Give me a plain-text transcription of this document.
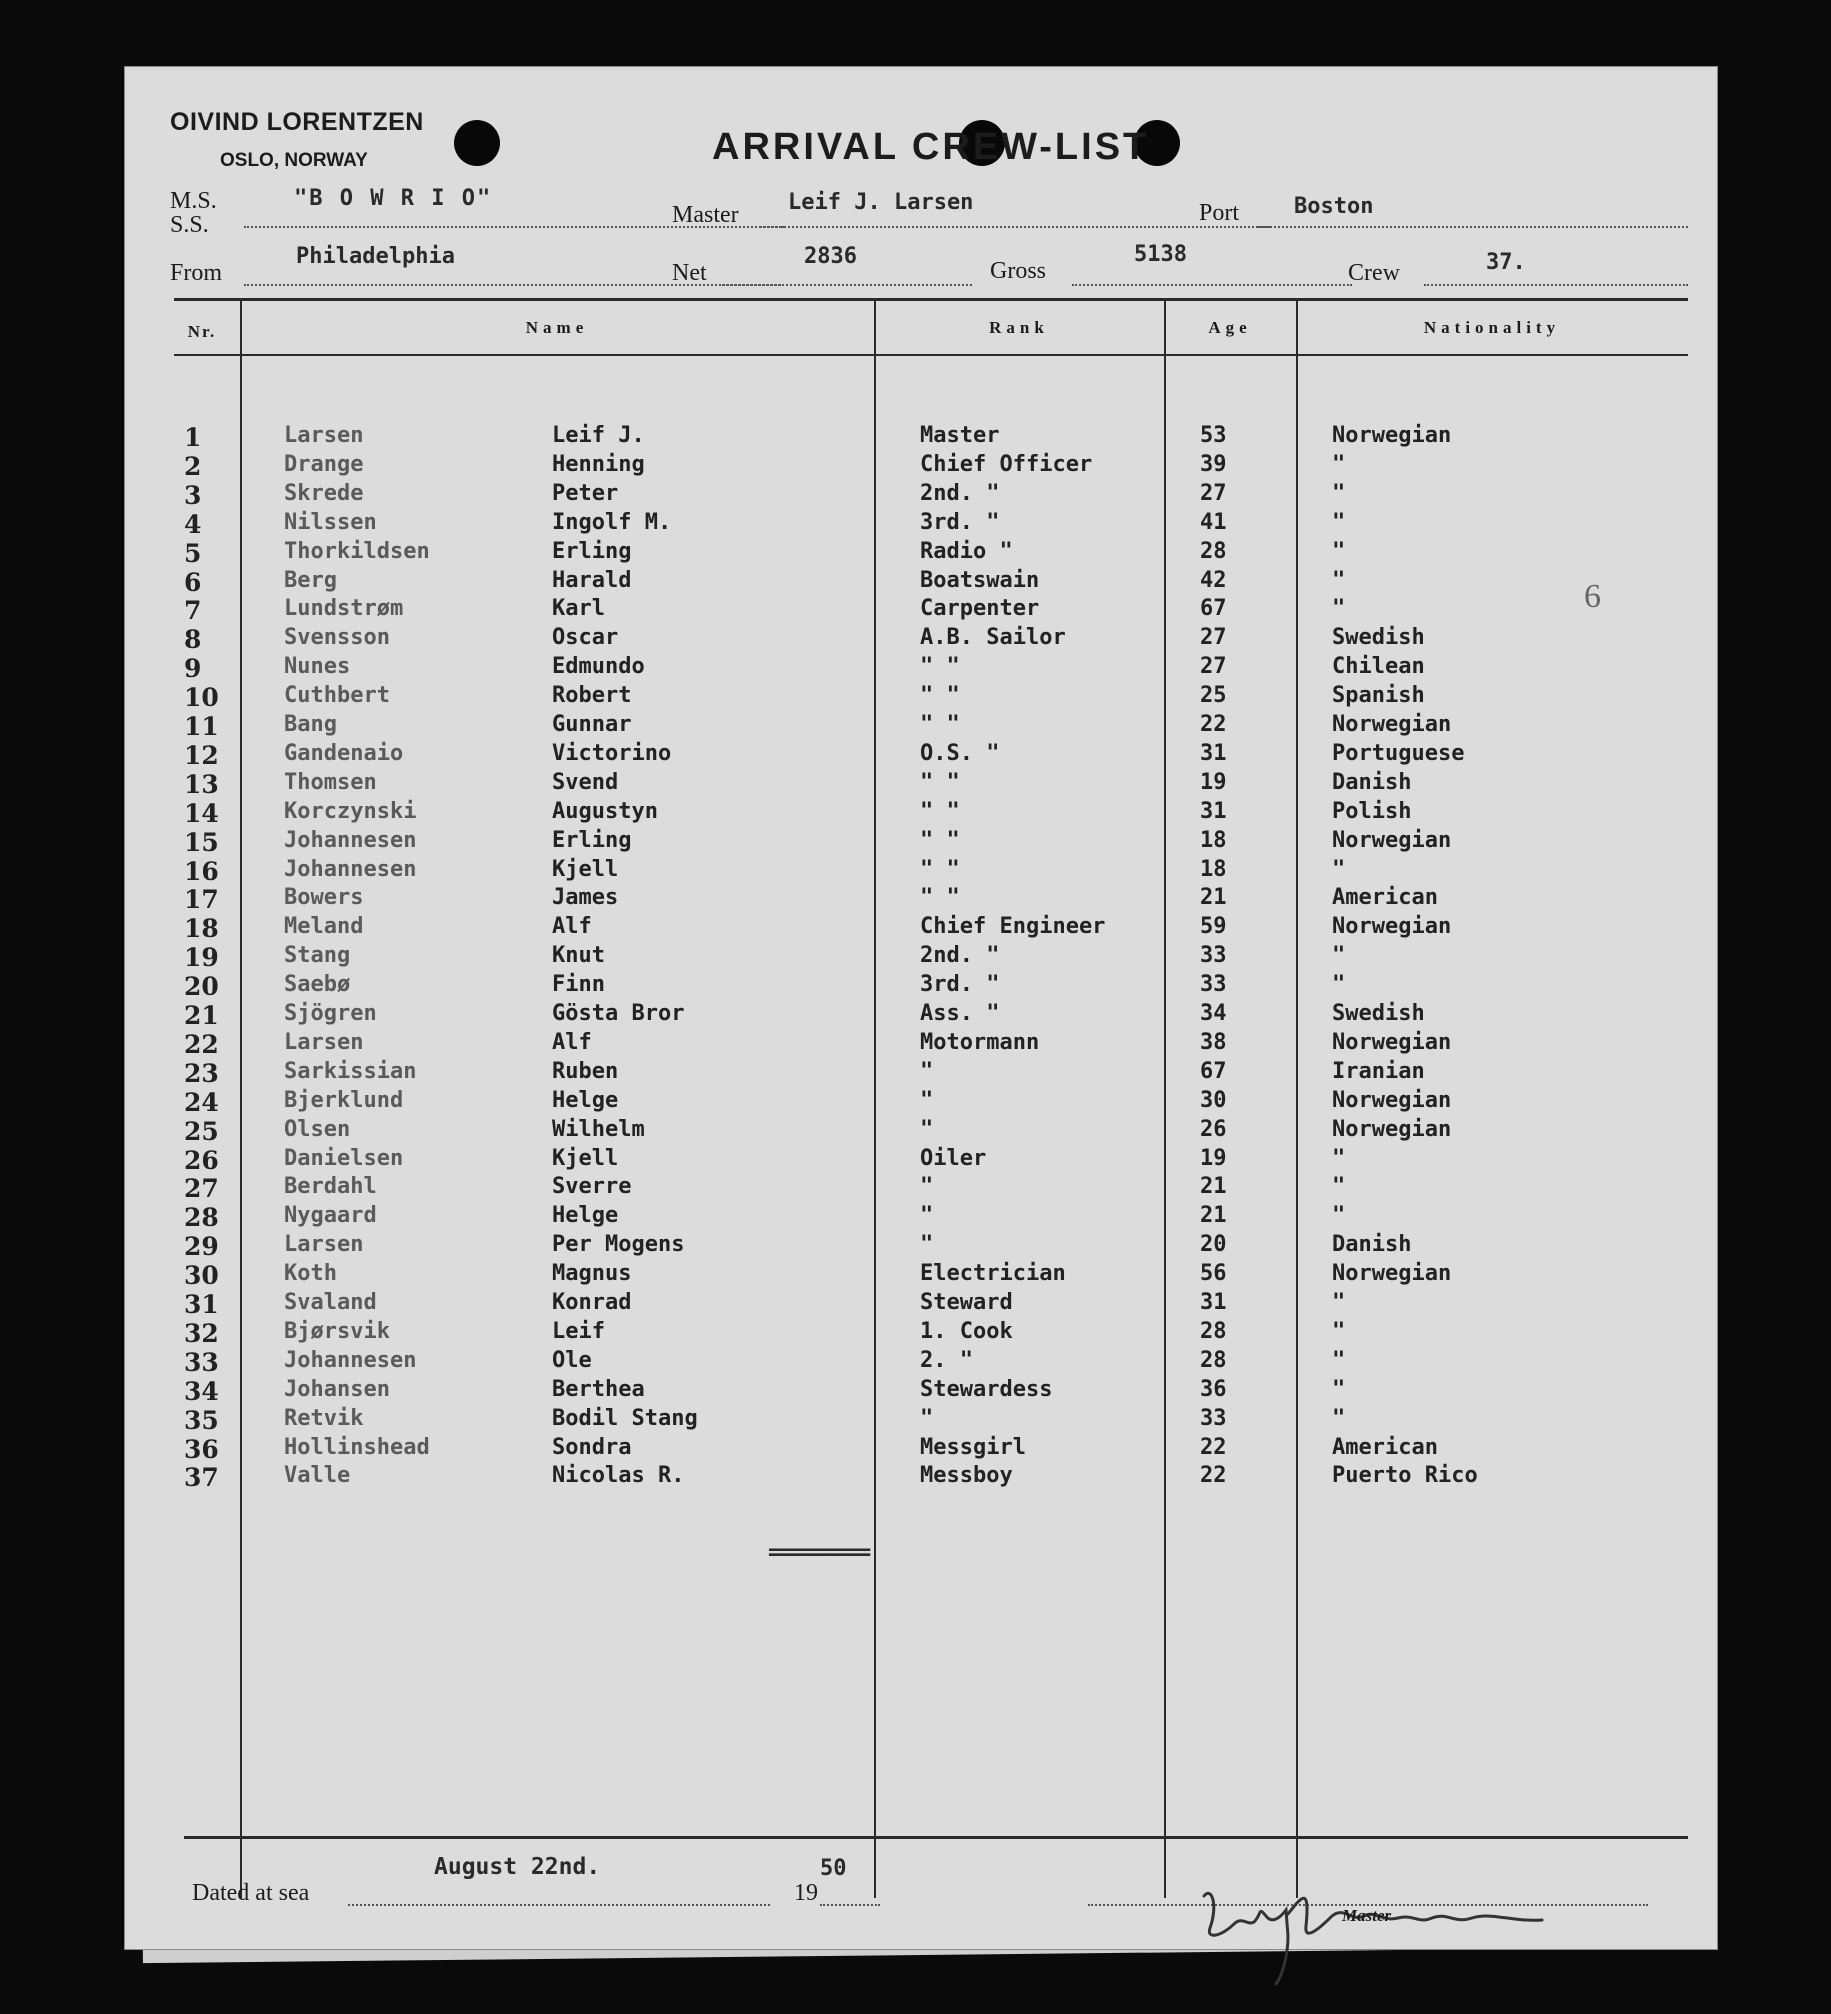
OIVIND LORENTZEN
OSLO, NORWAY	ARRIVAL CREW-LIST
M.S.
S.S.
"B O W R I O"
Master Leif J. Larsen	Port Boston
From
Philadelphia
Net
2836
Gross
5138
Crew	37.
Nr.	Name	Rank	Age	Nationality
6
1	Larsen	Leif J.	Master	53	Norwegian
2	Drange	Henning	Chief Officer	39	"
3	Skrede	Peter	2nd. "	27	"
4	Nilssen	Ingolf M.	3rd. "	41	"
5	Thorkildsen	Erling	Radio "	28	"
6	Berg	Harald	Boatswain	42	"
7	Lundstrøm	Karl	Carpenter	67	"
8	Svensson	Oscar	A.B. Sailor	27	Swedish
9	Nunes	Edmundo	" "	27	Chilean
10	Cuthbert	Robert	" "	25	Spanish
11	Bang	Gunnar	" "	22	Norwegian
12	Gandenaio	Victorino	O.S. "	31	Portuguese
13	Thomsen	Svend	" "	19	Danish
14	Korczynski	Augustyn	" "	31	Polish
15	Johannesen	Erling	" "	18	Norwegian
16	Johannesen	Kjell	" "	18	"
17	Bowers	James	" "	21	American
18	Meland	Alf	Chief Engineer	59	Norwegian
19	Stang	Knut	2nd. "	33	"
20	Saebø	Finn	3rd. "	33	"
21	Sjögren	Gösta Bror	Ass. "	34	Swedish
22	Larsen	Alf	Motormann	38	Norwegian
23	Sarkissian	Ruben	"	67	Iranian
24	Bjerklund	Helge	"	30	Norwegian
25	Olsen	Wilhelm	"	26	Norwegian
26	Danielsen	Kjell	Oiler	19	"
27	Berdahl	Sverre	"	21	"
28	Nygaard	Helge	"	21	"
29	Larsen	Per Mogens	"	20	Danish
30	Koth	Magnus	Electrician	56	Norwegian
31	Svaland	Konrad	Steward	31	"
32	Bjørsvik	Leif	1. Cook	28	"
33	Johannesen	Ole	2. "	28	"
34	Johansen	Berthea	Stewardess	36	"
35	Retvik	Bodil Stang	"	33	"
36	Hollinshead	Sondra	Messgirl	22	American
37	Valle	Nicolas R.	Messboy	22	Puerto Rico
=========
Dated at sea
August 22nd.
19
50
Master
